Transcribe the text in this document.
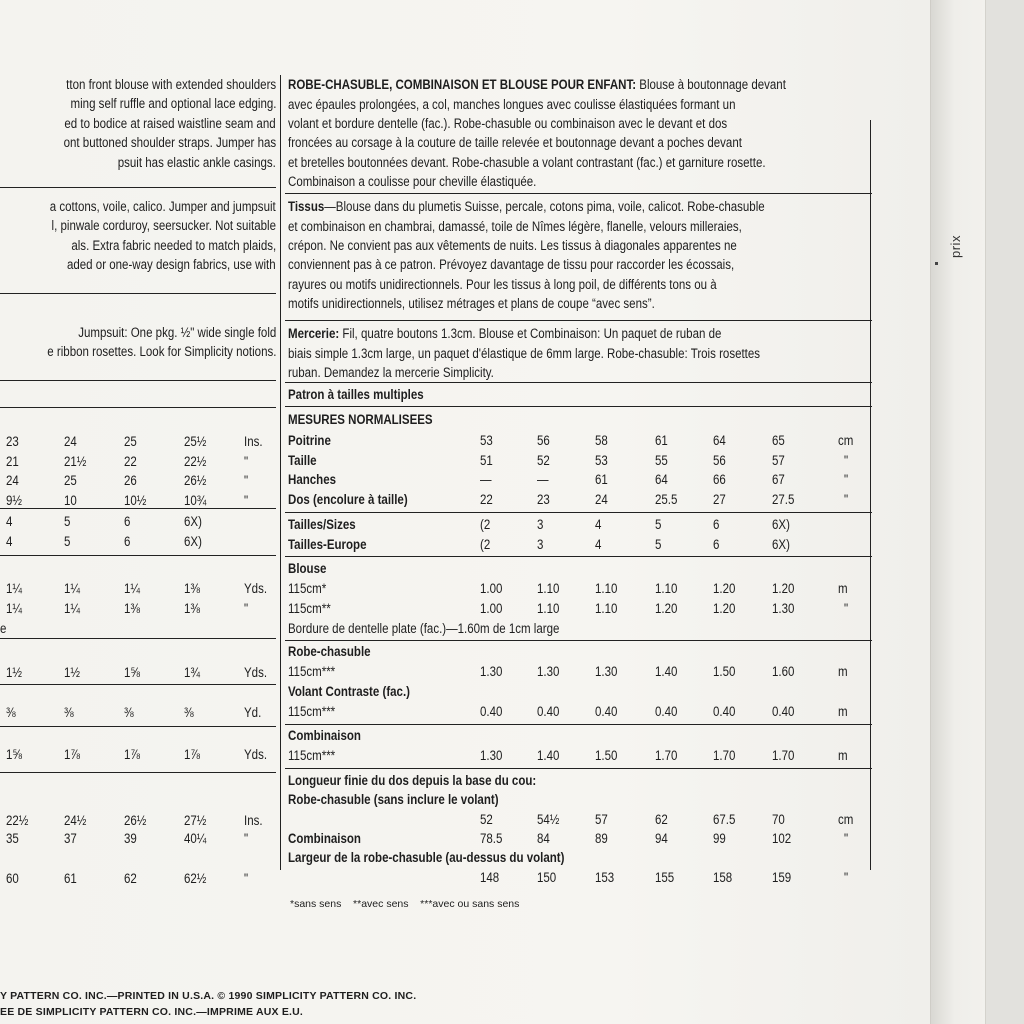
tton front blouse with extended shoulders
ming self ruffle and optional lace edging.
ed to bodice at raised waistline seam and
ont buttoned shoulder straps. Jumper has
psuit has elastic ankle casings.
a cottons, voile, calico. Jumper and jumpsuit
l, pinwale corduroy, seersucker. Not suitable
als. Extra fabric needed to match plaids,
aded or one-way design fabrics, use with
Jumpsuit: One pkg. ½" wide single fold
e ribbon rosettes. Look for Simplicity notions.
23	24	25	25½	Ins.
21	21½	22	22½	"
24	25	26	26½	"
9½	10	10½	10¾	"
4	5	6	6X)
4	5	6	6X)
1¼	1¼	1¼	1⅜	Yds.
1¼	1¼	1⅜	1⅜	"
e
1½	1½	1⅝	1¾	Yds.
⅜	⅜	⅜	⅜	Yd.
1⅝	1⅞	1⅞	1⅞	Yds.
22½	24½	26½	27½	Ins.
35	37	39	40¼	"
60	61	62	62½	"
ROBE-CHASUBLE, COMBINAISON ET BLOUSE POUR ENFANT: Blouse à boutonnage devant
avec épaules prolongées, a col, manches longues avec coulisse élastiquées formant un
volant et bordure dentelle (fac.). Robe-chasuble ou combinaison avec le devant et dos
froncées au corsage à la couture de taille relevée et boutonnage devant a poches devant
et bretelles boutonnées devant. Robe-chasuble a volant contrastant (fac.) et garniture rosette.
Combinaison a coulisse pour cheville élastiquée.
Tissus—Blouse dans du plumetis Suisse, percale, cotons pima, voile, calicot. Robe-chasuble
et combinaison en chambrai, damassé, toile de Nîmes légère, flanelle, velours milleraies,
crépon. Ne convient pas aux vêtements de nuits. Les tissus à diagonales apparentes ne
conviennent pas à ce patron. Prévoyez davantage de tissu pour raccorder les écossais,
rayures ou motifs unidirectionnels. Pour les tissus à long poil, de différents tons ou à
motifs unidirectionnels, utilisez métrages et plans de coupe “avec sens”.
Mercerie: Fil, quatre boutons 1.3cm. Blouse et Combinaison: Un paquet de ruban de
biais simple 1.3cm large, un paquet d'élastique de 6mm large. Robe-chasuble: Trois rosettes
ruban. Demandez la mercerie Simplicity.
Patron à tailles multiples
MESURES NORMALISEES
Poitrine	53	56	58	61	64	65	cm
Taille	51	52	53	55	56	57	"
Hanches	—	—	61	64	66	67	"
Dos (encolure à taille)	22	23	24	25.5	27	27.5	"
Tailles/Sizes	(2	3	4	5	6	6X)
Tailles-Europe	(2	3	4	5	6	6X)
Blouse
115cm*	1.00	1.10	1.10	1.10	1.20	1.20	m
115cm**	1.00	1.10	1.10	1.20	1.20	1.30	"
Bordure de dentelle plate (fac.)—1.60m de 1cm large
Robe-chasuble
115cm***	1.30	1.30	1.30	1.40	1.50	1.60	m
Volant Contraste (fac.)
115cm***	0.40	0.40	0.40	0.40	0.40	0.40	m
Combinaison
115cm***	1.30	1.40	1.50	1.70	1.70	1.70	m
Longueur finie du dos depuis la base du cou:
Robe-chasuble (sans inclure le volant)
52	54½	57	62	67.5	70	cm
Combinaison	78.5	84	89	94	99	102	"
Largeur de la robe-chasuble (au-dessus du volant)
148	150	153	155	158	159	"
*sans sens **avec sens ***avec ou sans sens
Y PATTERN CO. INC.—PRINTED IN U.S.A. © 1990 SIMPLICITY PATTERN CO. INC.
EE DE SIMPLICITY PATTERN CO. INC.—IMPRIME AUX E.U.
prix
